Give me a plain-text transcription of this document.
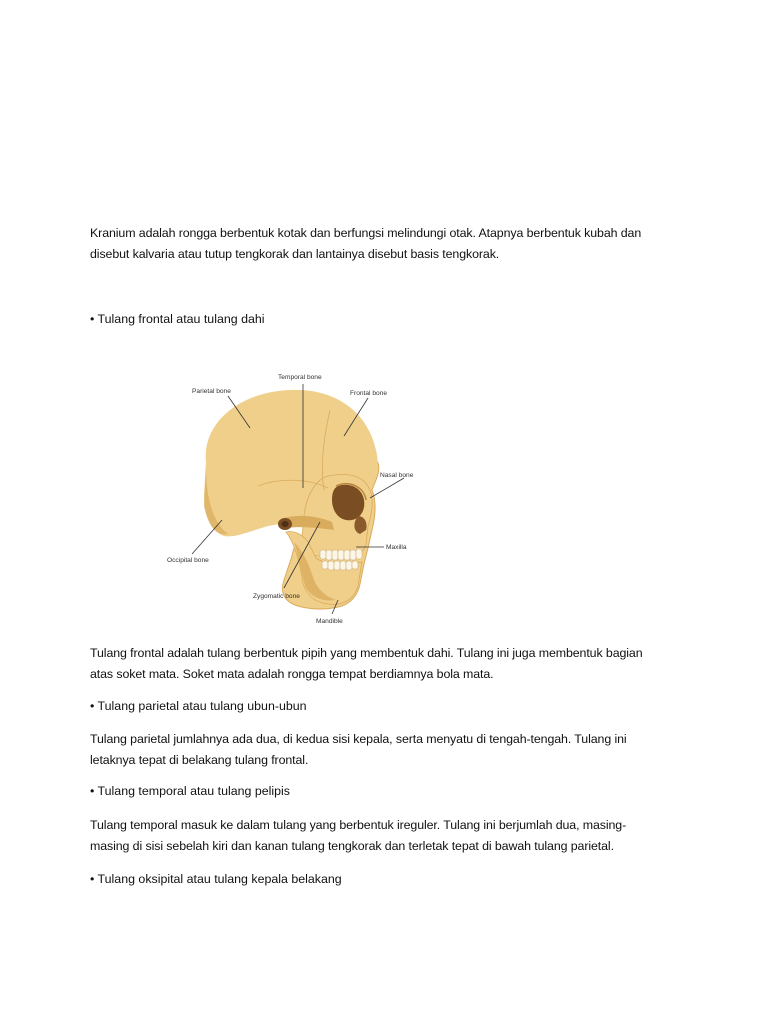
Kranium adalah rongga berbentuk kotak dan berfungsi melindungi otak. Atapnya berbentuk kubah dan
disebut kalvaria atau tutup tengkorak dan lantainya disebut basis tengkorak.

• Tulang frontal atau tulang dahi

Temporal bone
Parietal bone	Frontal bone
Nasal bone
Maxilla
Occipital bone
Zygomatic bone
Mandible

Tulang frontal adalah tulang berbentuk pipih yang membentuk dahi. Tulang ini juga membentuk bagian
atas soket mata. Soket mata adalah rongga tempat berdiamnya bola mata.

• Tulang parietal atau tulang ubun-ubun

Tulang parietal jumlahnya ada dua, di kedua sisi kepala, serta menyatu di tengah-tengah. Tulang ini
letaknya tepat di belakang tulang frontal.

• Tulang temporal atau tulang pelipis

Tulang temporal masuk ke dalam tulang yang berbentuk ireguler. Tulang ini berjumlah dua, masing-
masing di sisi sebelah kiri dan kanan tulang tengkorak dan terletak tepat di bawah tulang parietal.

• Tulang oksipital atau tulang kepala belakang
